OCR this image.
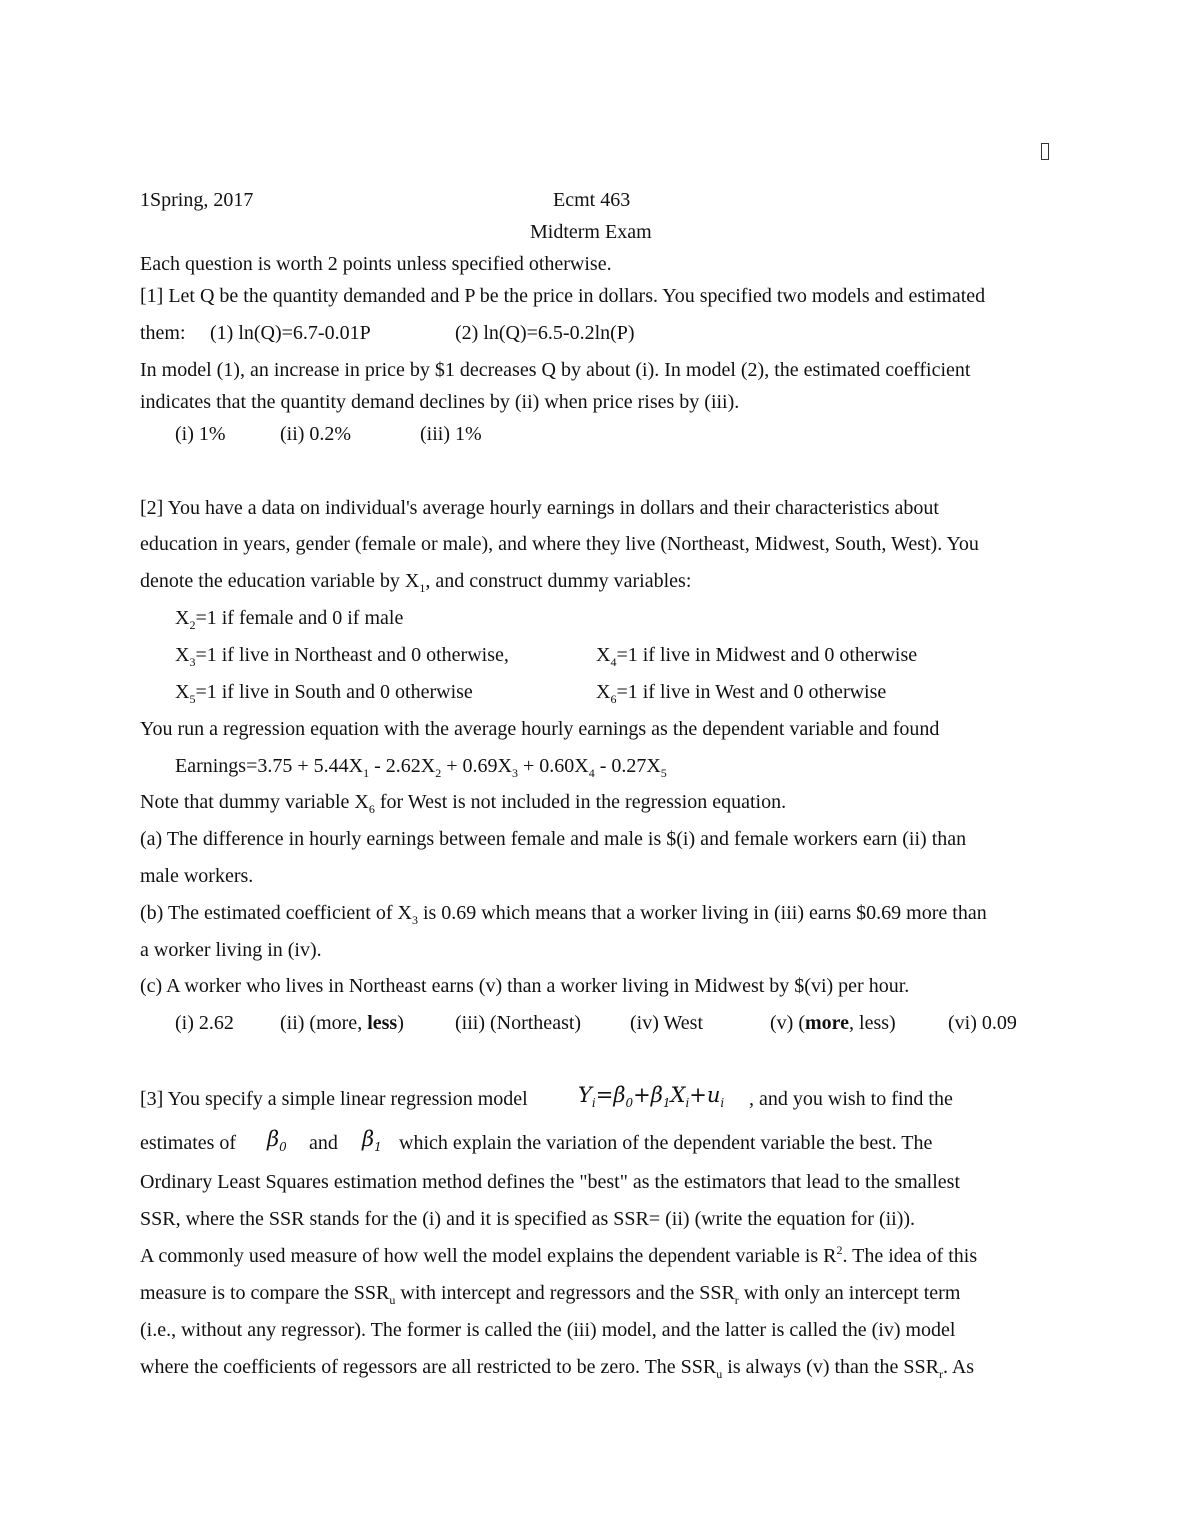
1Spring, 2017	Ecmt 463
Midterm Exam
Each question is worth 2 points unless specified otherwise.
[1] Let Q be the quantity demanded and P be the price in dollars. You specified two models and estimated
them: (1) ln(Q)=6.7-0.01P	(2) ln(Q)=6.5-0.2ln(P)
In model (1), an increase in price by $1 decreases Q by about (i). In model (2), the estimated coefficient
indicates that the quantity demand declines by (ii) when price rises by (iii).
(i) 1%	(ii) 0.2%	(iii) 1%
[2] You have a data on individual's average hourly earnings in dollars and their characteristics about
education in years, gender (female or male), and where they live (Northeast, Midwest, South, West). You
denote the education variable by $X_1$, and construct dummy variables:
$X_2=1$ if female and 0 if male
$X_3=1$ if live in Northeast and 0 otherwise,	$X_4=1$ if live in Midwest and 0 otherwise
$X_5=1$ if live in South and 0 otherwise	$X_6=1$ if live in West and 0 otherwise
You run a regression equation with the average hourly earnings as the dependent variable and found
Earnings=3.75 + $5.44X_1 - 2.62X_2 + 0.69X_3 + 0.60X_4 - 0.27X_5$
Note that dummy variable $X_6$ for West is not included in the regression equation.
(a) The difference in hourly earnings between female and male is $(i) and female workers earn (ii) than
male workers.
(b) The estimated coefficient of $X_3$ is 0.69 which means that a worker living in (iii) earns $0.69 more than
a worker living in (iv).
(c) A worker who lives in Northeast earns (v) than a worker living in Midwest by $(vi) per hour.
(i) 2.62 (ii) (more, less)	(iii) (Northeast) (iv) West	(v) (more, less)	(vi) 0.09
[3] You specify a simple linear regression model $Y_i=\beta_0+\beta_1X_i+u_i$ , and you wish to find the
estimates of $\beta_0$ and $\beta_1$ which explain the variation of the dependent variable the best. The
Ordinary Least Squares estimation method defines the "best" as the estimators that lead to the smallest
SSR, where the SSR stands for the (i) and it is specified as SSR= (ii) (write the equation for (ii)).
A commonly used measure of how well the model explains the dependent variable is $R^2$. The idea of this
measure is to compare the $SSR_u$ with intercept and regressors and the $SSR_r$ with only an intercept term
(i.e., without any regressor). The former is called the (iii) model, and the latter is called the (iv) model
where the coefficients of regessors are all restricted to be zero. The $SSR_u$ is always (v) than the $SSR_r$. As
